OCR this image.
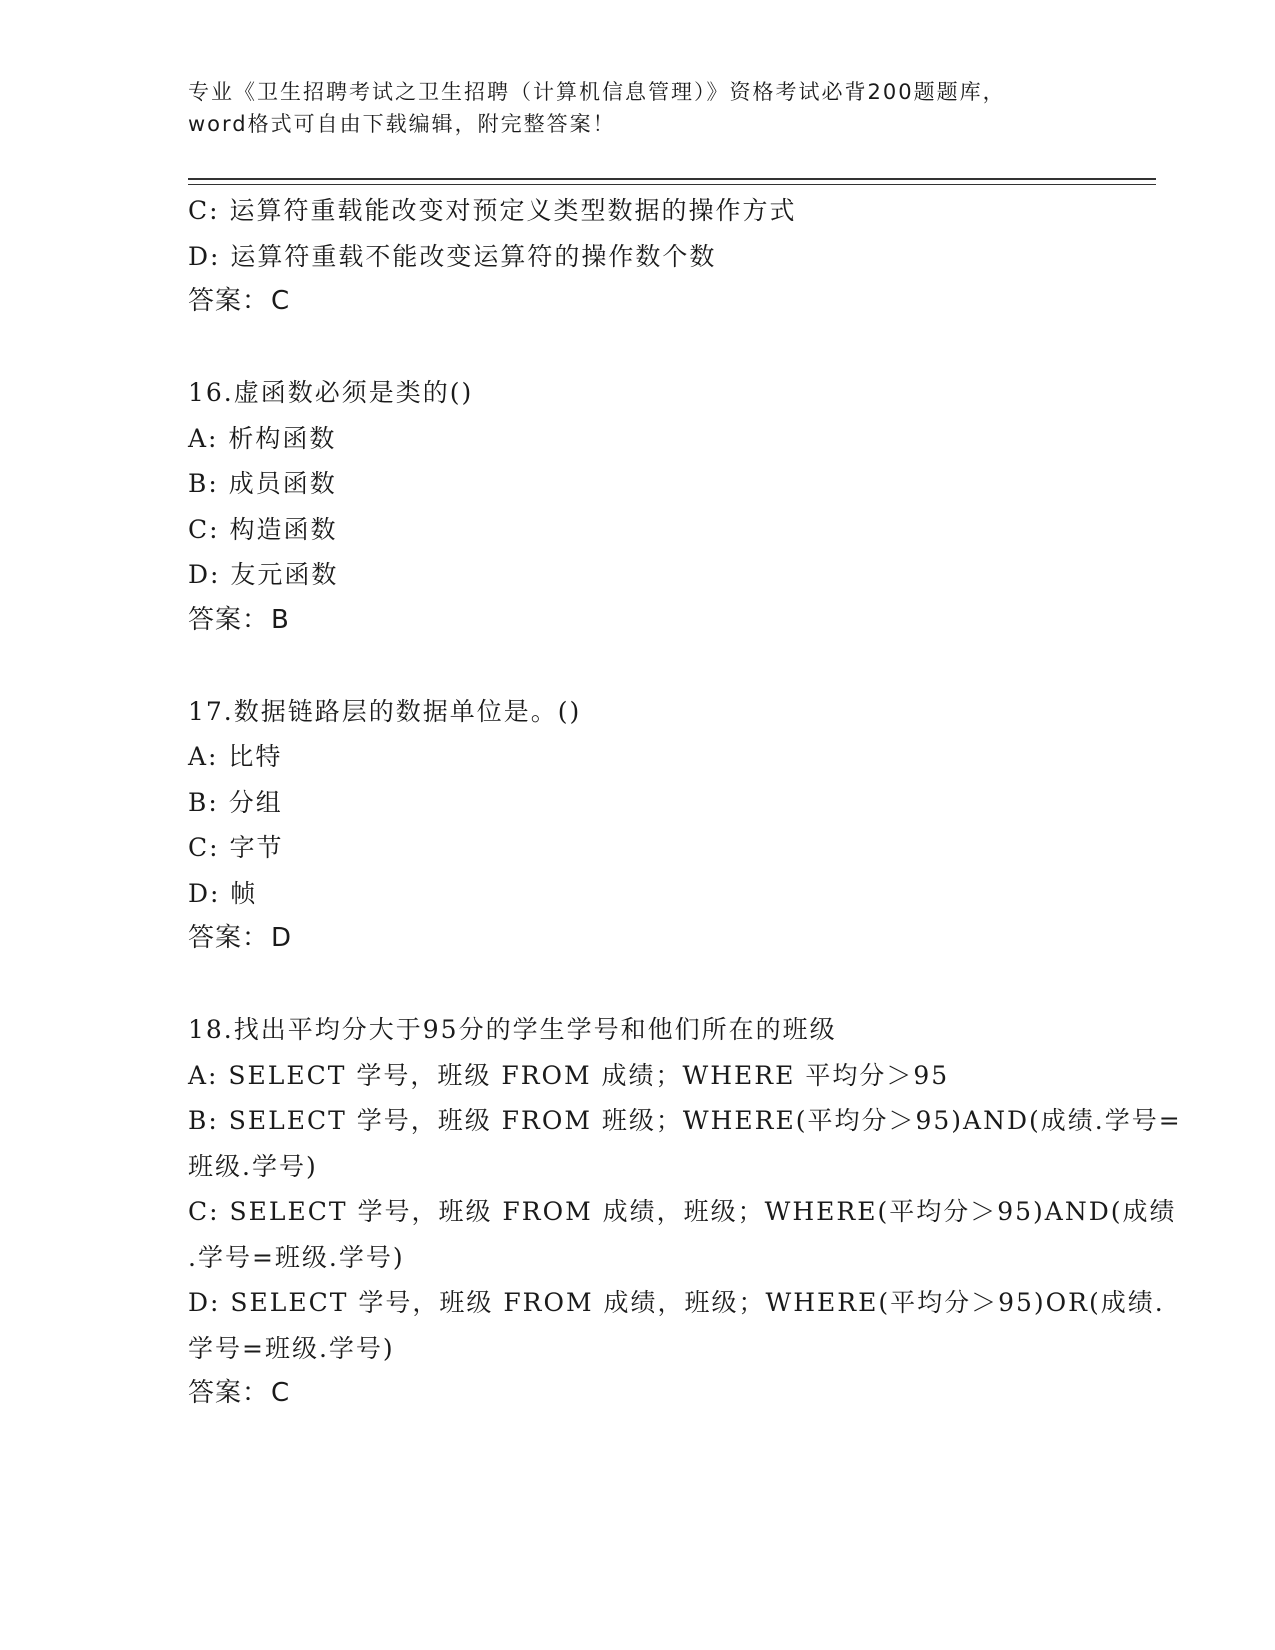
专业《卫生招聘考试之卫生招聘（计算机信息管理）》资格考试必背200题题库，
word格式可自由下载编辑，附完整答案！
C: 运算符重载能改变对预定义类型数据的操作方式
D: 运算符重载不能改变运算符的操作数个数
答案：C
16.虚函数必须是类的()
A: 析构函数
B: 成员函数
C: 构造函数
D: 友元函数
答案：B
17.数据链路层的数据单位是。()
A: 比特
B: 分组
C: 字节
D: 帧
答案：D
18.找出平均分大于95分的学生学号和他们所在的班级
A: SELECT 学号，班级 FROM 成绩；WHERE 平均分＞95
B: SELECT 学号，班级 FROM 班级；WHERE(平均分＞95)AND(成绩.学号=
班级.学号)
C: SELECT 学号，班级 FROM 成绩，班级；WHERE(平均分＞95)AND(成绩
.学号=班级.学号)
D: SELECT 学号，班级 FROM 成绩，班级；WHERE(平均分＞95)OR(成绩.
学号=班级.学号)
答案：C
